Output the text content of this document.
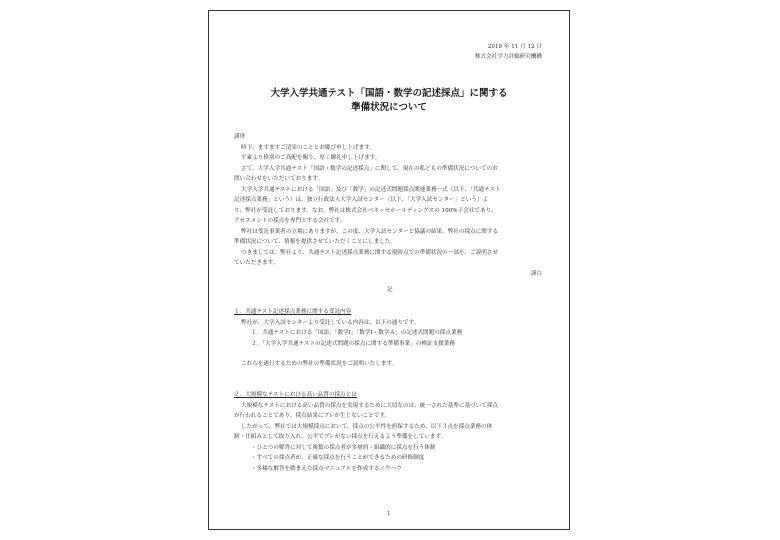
2019 年 11 月 12 日
株式会社学力評価研究機構
大学入学共通テスト「国語・数学の記述採点」に関する
準備状況について
謹啓
時下、ますますご清栄のこととお慶び申し上げます。
平素より格別のご高配を賜り、厚く御礼申し上げます。
さて、大学入学共通テスト「国語・数学の記述採点」に関して、現在の私どもの準備状況についてのお
問い合わせをいただいております。
大学入学共通テストにおける「国語」及び「数学」の記述式問題採点関連業務一式（以下、「共通テスト
記述採点業務」という）は、独立行政法人大学入試センター（以下、「大学入試センター」という）よ
り、弊社が受託しております。なお、弊社は株式会社ベネッセホールディングスの 100%子会社であり、
アセスメントの採点を専門とする会社です。
弊社は受託事業者の立場にありますが、この度、大学入試センターと協議の結果、弊社の採点に関する
準備状況について、情報を提供させていただくことにしました。
つきましては、弊社より、共通テスト記述採点業務に関する現時点での準備状況の一部を、ご説明させ
ていただきます。
謹白
記
１．共通テスト記述採点業務に関する受託内容
弊社が、大学入試センターより受託している内容は、以下の通りです。
１．共通テストにおける「国語」「数学Ⅰ」「数学Ⅰ・数学Ａ」の記述式問題の採点業務
２．「大学入学共通テストの記述式問題の採点に関する準備事業」の検証支援業務
これらを遂行するための弊社の準備状況をご説明いたします。
２．大規模なテストにおける高い品質の採点とは
大規模なテストにおける高い品質の採点を実現するために大切なのは、統一された基準に基づいて採点
が行われることであり、採点結果にブレが生じないことです。
したがって、弊社では大規模採点において、採点の公平性を担保するため、以下３点を採点業務の体
制・仕組みとして取り入れ、公平でブレがない採点を行えるよう準備をしています。
・ひとつの解答に対して複数の採点者が多層的・組織的に採点を行う体制
・すべての採点者が、正確な採点を行うことができるための研修制度
・多様な解答を踏まえた採点マニュアルを作成するノウハウ
1
